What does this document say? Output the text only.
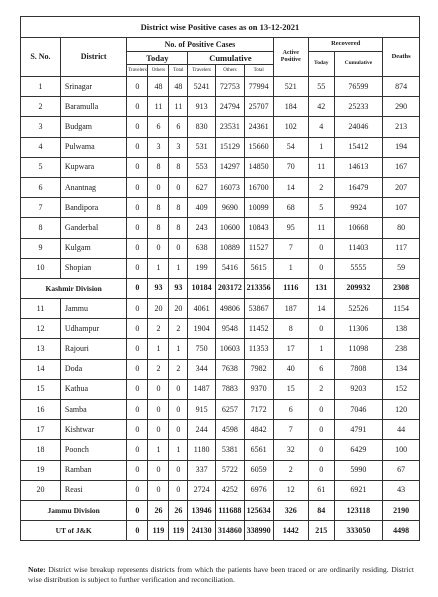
District wise Positive cases as on 13-12-2021											
S. No.	District	No. of Positive Cases						Active Positive	Recovered		Deaths
		Today			Cumulative				Today	Cumulative	
		Travelers	Others	Total	Travelers	Others	Total				
1	Srinagar	0	48	48	5241	72753	77994	521	55	76599	874
2	Baramulla	0	11	11	913	24794	25707	184	42	25233	290
3	Budgam	0	6	6	830	23531	24361	102	4	24046	213
4	Pulwama	0	3	3	531	15129	15660	54	1	15412	194
5	Kupwara	0	8	8	553	14297	14850	70	11	14613	167
6	Anantnag	0	0	0	627	16073	16700	14	2	16479	207
7	Bandipora	0	8	8	409	9690	10099	68	5	9924	107
8	Ganderbal	0	8	8	243	10600	10843	95	11	10668	80
9	Kulgam	0	0	0	638	10889	11527	7	0	11403	117
10	Shopian	0	1	1	199	5416	5615	1	0	5555	59
Kashmir Division		0	93	93	10184	203172	213356	1116	131	209932	2308
11	Jammu	0	20	20	4061	49806	53867	187	14	52526	1154
12	Udhampur	0	2	2	1904	9548	11452	8	0	11306	138
13	Rajouri	0	1	1	750	10603	11353	17	1	11098	238
14	Doda	0	2	2	344	7638	7982	40	6	7808	134
15	Kathua	0	0	0	1487	7883	9370	15	2	9203	152
16	Samba	0	0	0	915	6257	7172	6	0	7046	120
17	Kishtwar	0	0	0	244	4598	4842	7	0	4791	44
18	Poonch	0	1	1	1180	5381	6561	32	0	6429	100
19	Ramban	0	0	0	337	5722	6059	2	0	5990	67
20	Reasi	0	0	0	2724	4252	6976	12	61	6921	43
Jammu Division		0	26	26	13946	111688	125634	326	84	123118	2190
UT of J&K		0	119	119	24130	314860	338990	1442	215	333050	4498
Note: District wise breakup represents districts from which the patients have been traced or are ordinarily residing. District wise distribution is subject to further verification and reconciliation.
